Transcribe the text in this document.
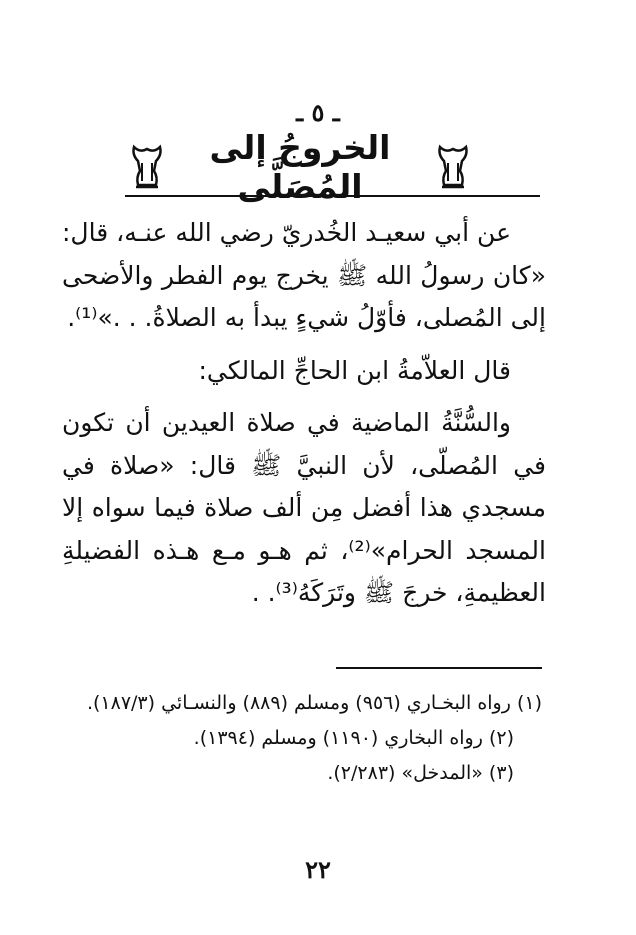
ـ ٥ ـ
الخروجُ إلى المُصَلَّى

عن أبي سعيـد الخُدريّ رضي الله عنـه، قال: «كان رسولُ الله ﷺ يخرج يوم الفطر والأضحى إلى المُصلى، فأوّلُ شيءٍ يبدأ به الصلاةُ. . .»⁽¹⁾.

قال العلاّمةُ ابن الحاجِّ المالكي:

والسُّنَّةُ الماضية في صلاة العيدين أن تكون في المُصلّى، لأن النبيَّ ﷺ قال: «صلاة في مسجدي هذا أفضل مِن ألف صلاة فيما سواه إلا المسجد الحرام»⁽²⁾، ثم هـو مـع هـذه الفضيلةِ العظيمةِ، خرجَ ﷺ وتَرَكَهُ⁽³⁾. .

(١) رواه البخـاري (٩٥٦) ومسلم (٨٨٩) والنسـائي (١٨٧/٣).

(٢) رواه البخاري (١١٩٠) ومسلم (١٣٩٤).

(٣) «المدخل» (٢/٢٨٣).

٢٢
